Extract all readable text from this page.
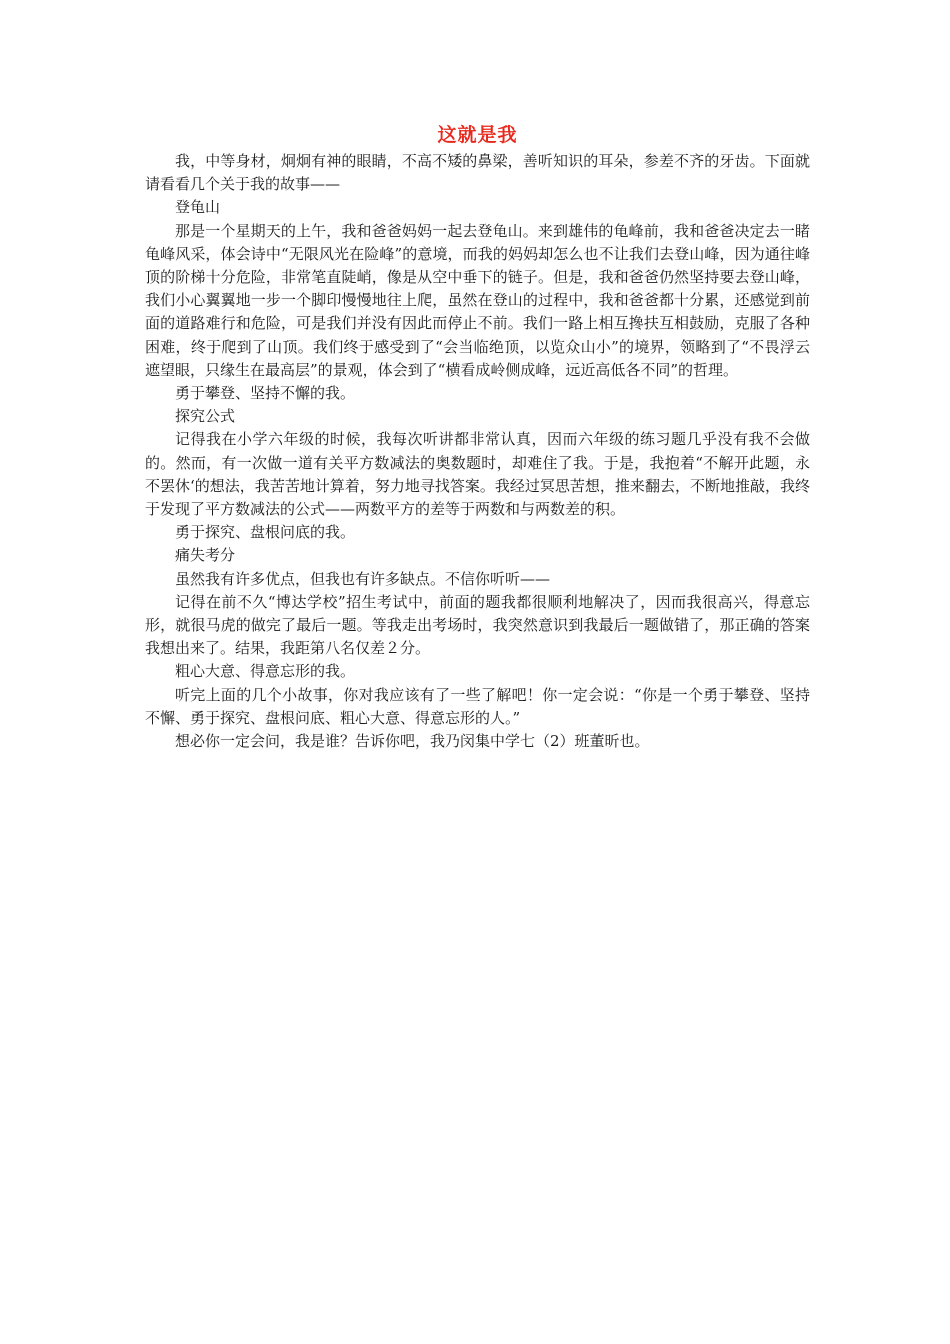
这就是我

我，中等身材，炯炯有神的眼睛，不高不矮的鼻梁，善听知识的耳朵，参差不齐的牙齿。下面就请看看几个关于我的故事——

登龟山

那是一个星期天的上午，我和爸爸妈妈一起去登龟山。来到雄伟的龟峰前，我和爸爸决定去一睹龟峰风采，体会诗中“无限风光在险峰”的意境，而我的妈妈却怎么也不让我们去登山峰，因为通往峰顶的阶梯十分危险，非常笔直陡峭，像是从空中垂下的链子。但是，我和爸爸仍然坚持要去登山峰，我们小心翼翼地一步一个脚印慢慢地往上爬，虽然在登山的过程中，我和爸爸都十分累，还感觉到前面的道路难行和危险，可是我们并没有因此而停止不前。我们一路上相互搀扶互相鼓励，克服了各种困难，终于爬到了山顶。我们终于感受到了“会当临绝顶，以览众山小”的境界，领略到了“不畏浮云遮望眼，只缘生在最高层”的景观，体会到了“横看成岭侧成峰，远近高低各不同”的哲理。

勇于攀登、坚持不懈的我。

探究公式

记得我在小学六年级的时候，我每次听讲都非常认真，因而六年级的练习题几乎没有我不会做的。然而，有一次做一道有关平方数减法的奥数题时，却难住了我。于是，我抱着“不解开此题，永不罢休‘的想法，我苦苦地计算着，努力地寻找答案。我经过冥思苦想，推来翻去，不断地推敲，我终于发现了平方数减法的公式——两数平方的差等于两数和与两数差的积。

勇于探究、盘根问底的我。

痛失考分

虽然我有许多优点，但我也有许多缺点。不信你听听——

记得在前不久“博达学校”招生考试中，前面的题我都很顺利地解决了，因而我很高兴，得意忘形，就很马虎的做完了最后一题。等我走出考场时，我突然意识到我最后一题做错了，那正确的答案我想出来了。结果，我距第八名仅差２分。

粗心大意、得意忘形的我。

听完上面的几个小故事，你对我应该有了一些了解吧！你一定会说：“你是一个勇于攀登、坚持不懈、勇于探究、盘根问底、粗心大意、得意忘形的人。”

想必你一定会问，我是谁？告诉你吧，我乃闵集中学七（2）班董昕也。
